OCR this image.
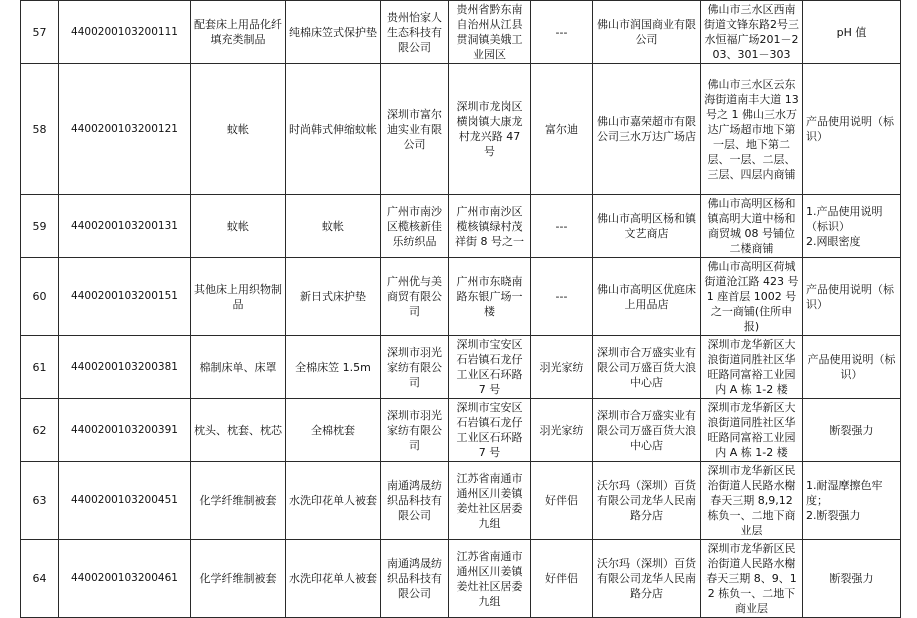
57	4400200103200111	配套床上用品化纤填充类制品	纯棉床笠式保护垫	贵州怡家人生态科技有限公司	贵州省黔东南自治州从江县贯洞镇美娥工业园区	---	佛山市润国商业有限公司	佛山市三水区西南街道文锋东路2号三水恒福广场201－203、301－303	pH 值
58	4400200103200121	蚊帐	时尚韩式伸缩蚊帐	深圳市富尔迪实业有限公司	深圳市龙岗区横岗镇大康龙村龙兴路 47 号	富尔迪	佛山市嘉荣超市有限公司三水万达广场店	佛山市三水区云东海街道南丰大道 13 号之 1 佛山三水万达广场超市地下第一层、地下第二层、一层、二层、三层、四层内商铺	产品使用说明（标识）
59	4400200103200131	蚊帐	蚊帐	广州市南沙区榄核新佳乐纺织品	广州市南沙区榄核镇绿村茂祥街 8 号之一	---	佛山市高明区杨和镇文艺商店	佛山市高明区杨和镇高明大道中杨和商贸城 08 号铺位二楼商铺	1.产品使用说明（标识）
2.网眼密度
60	4400200103200151	其他床上用织物制品	新日式床护垫	广州优与美商贸有限公司	广州市东晓南路东银广场一楼	---	佛山市高明区优庭床上用品店	佛山市高明区荷城街道沧江路 423 号 1 座首层 1002 号之一商铺(住所申报)	产品使用说明（标识）
61	4400200103200381	棉制床单、床罩	全棉床笠 1.5m	深圳市羽光家纺有限公司	深圳市宝安区石岩镇石龙仔工业区石环路 7 号	羽光家纺	深圳市合万盛实业有限公司万盛百货大浪中心店	深圳市龙华新区大浪街道同胜社区华旺路同富裕工业园内 A 栋 1-2 楼	产品使用说明（标识）
62	4400200103200391	枕头、枕套、枕芯	全棉枕套	深圳市羽光家纺有限公司	深圳市宝安区石岩镇石龙仔工业区石环路 7 号	羽光家纺	深圳市合万盛实业有限公司万盛百货大浪中心店	深圳市龙华新区大浪街道同胜社区华旺路同富裕工业园内 A 栋 1-2 楼	断裂强力
63	4400200103200451	化学纤维制被套	水洗印花单人被套	南通鸿晟纺织品科技有限公司	江苏省南通市通州区川姜镇姜灶社区居委九组	好伴侣	沃尔玛（深圳）百货有限公司龙华人民南路分店	深圳市龙华新区民治街道人民路水榭春天三期 8,9,12 栋负一、二地下商业层	1.耐湿摩擦色牢度；
2.断裂强力
64	4400200103200461	化学纤维制被套	水洗印花单人被套	南通鸿晟纺织品科技有限公司	江苏省南通市通州区川姜镇姜灶社区居委九组	好伴侣	沃尔玛（深圳）百货有限公司龙华人民南路分店	深圳市龙华新区民治街道人民路水榭春天三期 8、9、12 栋负一、二地下商业层	断裂强力
